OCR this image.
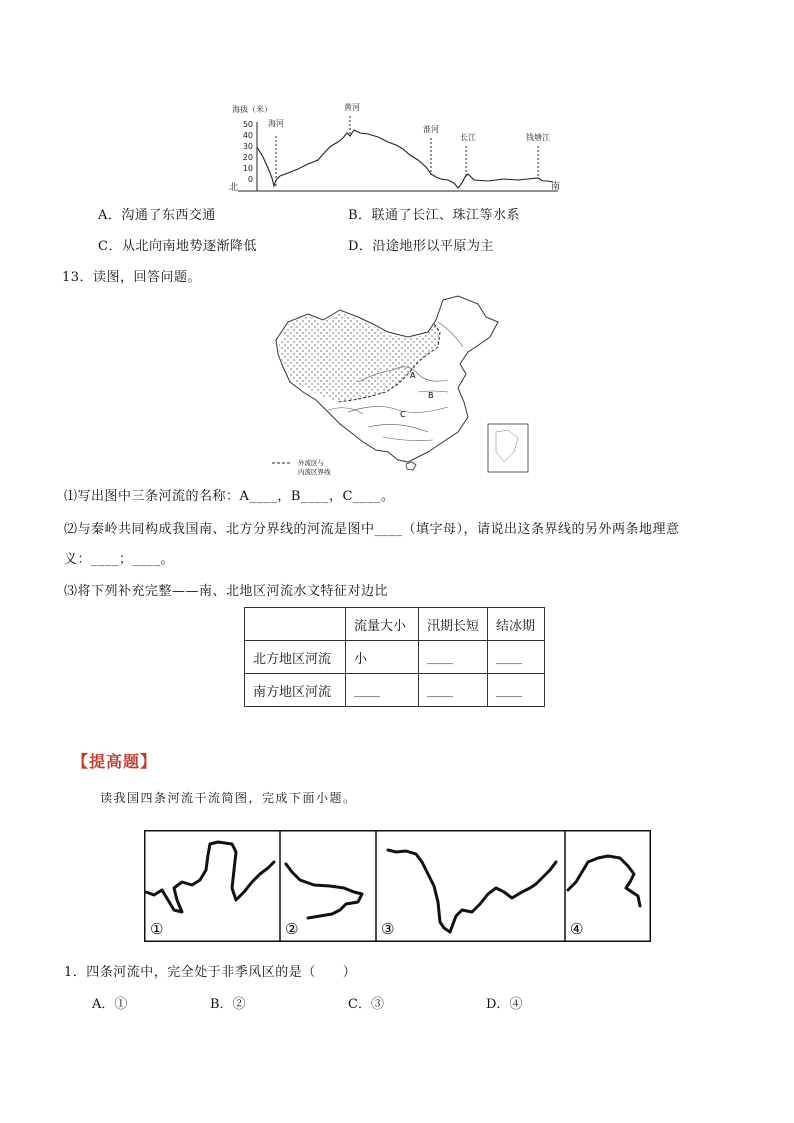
海拔（米）
50
40
30
20
10
0
北	南
海河
黄河
淮河
长江	钱塘江
A．沟通了东西交通	B．联通了长江、珠江等水系
C．从北向南地势逐渐降低	D．沿途地形以平原为主
13．读图，回答问题。
A
B
C
外流区与
内流区界线
⑴写出图中三条河流的名称：A____，B____，C____。
⑵与秦岭共同构成我国南、北方分界线的河流是图中____（填字母），请说出这条界线的另外两条地理意
义：____；____。
⑶将下列补充完整——南、北地区河流水文特征对边比
	流量大小	汛期长短	结冰期
北方地区河流	小	____	____
南方地区河流	____	____	____
【提高题】
读我国四条河流干流简图，完成下面小题。
①	②	③	④
1．四条河流中，完全处于非季风区的是（　　）
A．①	B．②	C．③	D．④
